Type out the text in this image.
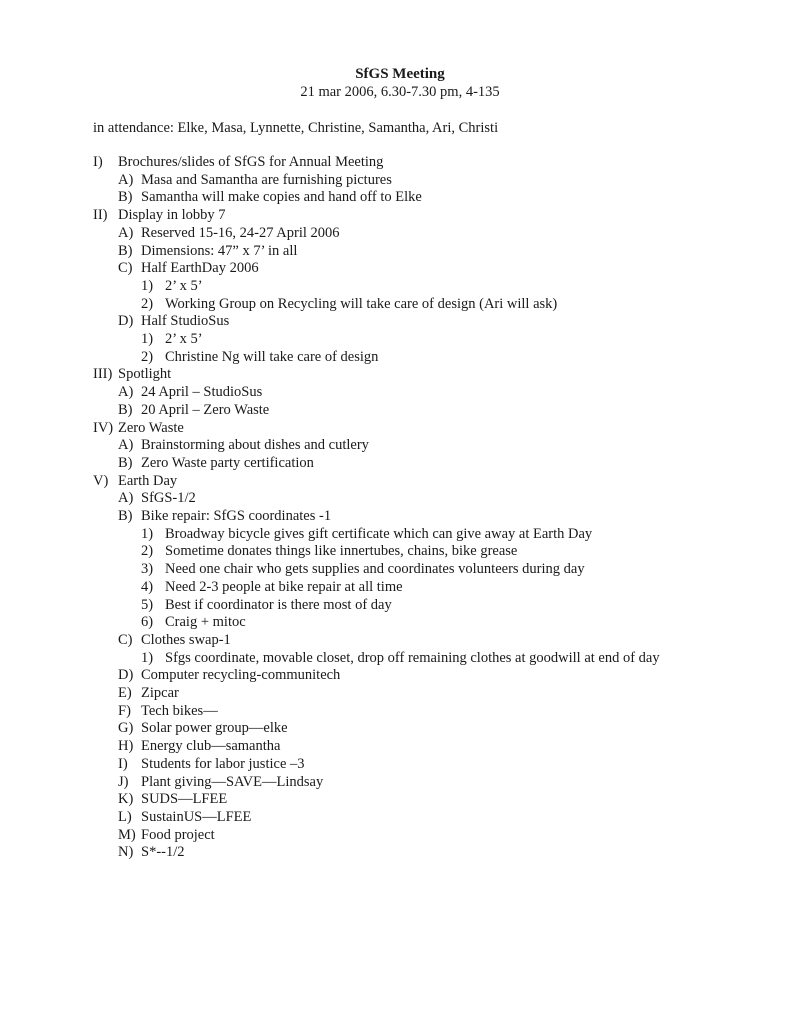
SfGS Meeting
21 mar 2006, 6.30-7.30 pm, 4-135
in attendance: Elke, Masa, Lynnette, Christine, Samantha, Ari, Christi
I) Brochures/slides of SfGS for Annual Meeting
A) Masa and Samantha are furnishing pictures
B) Samantha will make copies and hand off to Elke
II) Display in lobby 7
A) Reserved 15-16, 24-27 April 2006
B) Dimensions: 47” x 7’ in all
C) Half EarthDay 2006
1) 2’ x 5’
2) Working Group on Recycling will take care of design (Ari will ask)
D) Half StudioSus
1) 2’ x 5’
2) Christine Ng will take care of design
III) Spotlight
A) 24 April – StudioSus
B) 20 April – Zero Waste
IV) Zero Waste
A) Brainstorming about dishes and cutlery
B) Zero Waste party certification
V) Earth Day
A) SfGS-1/2
B) Bike repair: SfGS coordinates -1
1) Broadway bicycle gives gift certificate which can give away at Earth Day
2) Sometime donates things like innertubes, chains, bike grease
3) Need one chair who gets supplies and coordinates volunteers during day
4) Need 2-3 people at bike repair at all time
5) Best if coordinator is there most of day
6) Craig + mitoc
C) Clothes swap-1
1) Sfgs coordinate, movable closet, drop off remaining clothes at goodwill at end of day
D) Computer recycling-communitech
E) Zipcar
F) Tech bikes—
G) Solar power group—elke
H) Energy club—samantha
I) Students for labor justice –3
J) Plant giving—SAVE—Lindsay
K) SUDS—LFEE
L) SustainUS—LFEE
M) Food project
N) S*--1/2
